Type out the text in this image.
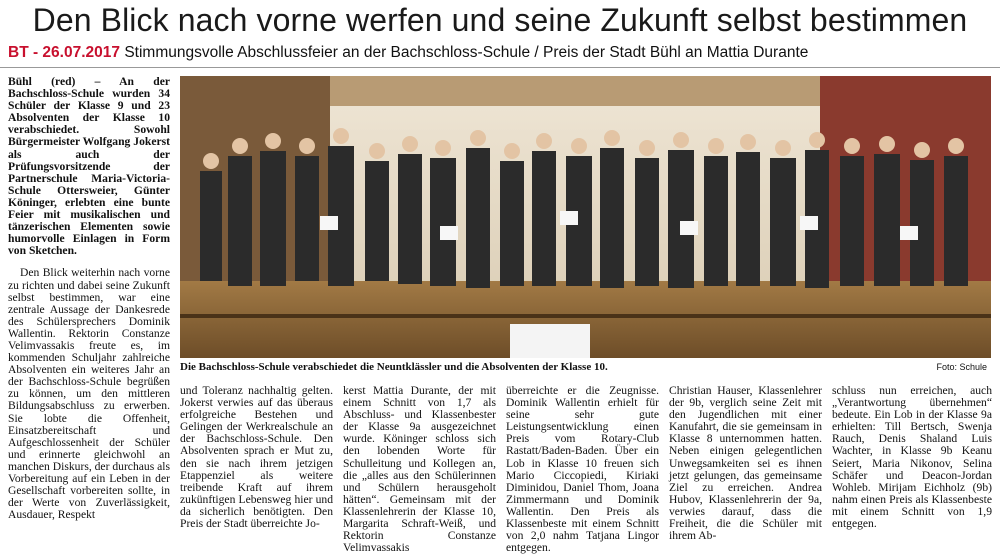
Den Blick nach vorne werfen und seine Zukunft selbst bestimmen
BT - 26.07.2017 Stimmungsvolle Abschlussfeier an der Bachschloss-Schule / Preis der Stadt Bühl an Mattia Durante

Bühl (red) – An der Bachschloss-Schule wurden 34 Schüler der Klasse 9 und 23 Absolventen der Klasse 10 verabschiedet. Sowohl Bürgermeister Wolfgang Jokerst als auch der Prüfungsvorsitzende der Partnerschule Maria-Victoria-Schule Ottersweier, Günter Köninger, erlebten eine bunte Feier mit musikalischen und tänzerischen Elementen sowie humorvolle Einlagen in Form von Sketchen.

Den Blick weiterhin nach vorne zu richten und dabei seine Zukunft selbst bestimmen, war eine zentrale Aussage der Dankesrede des Schülersprechers Dominik Wallentin. Rektorin Constanze Velimvassakis freute es, im kommenden Schuljahr zahlreiche Absolventen ein weiteres Jahr an der Bachschloss-Schule begrüßen zu können, um den mittleren Bildungsabschluss zu erwerben. Sie lobte die Offenheit, Einsatzbereitschaft und Aufgeschlossenheit der Schüler und erinnerte gleichwohl an manchen Diskurs, der durchaus als Vorbereitung auf ein Leben in der Gesellschaft vorbereiten sollte, in der Werte von Zuverlässigkeit, Ausdauer, Respekt

Die Bachschloss-Schule verabschiedet die Neuntklässler und die Absolventen der Klasse 10.	Foto: Schule

und Toleranz nachhaltig gelten. Jokerst verwies auf das überaus erfolgreiche Bestehen und Gelingen der Werkrealschule an der Bachschloss-Schule. Den Absolventen sprach er Mut zu, den sie nach ihrem jetzigen Etappenziel als weitere treibende Kraft auf ihrem zukünftigen Lebensweg hier und da sicherlich benötigten. Den Preis der Stadt überreichte Jo-

kerst Mattia Durante, der mit einem Schnitt von 1,7 als Abschluss- und Klassenbester der Klasse 9a ausgezeichnet wurde. Köninger schloss sich den lobenden Worte für Schulleitung und Kollegen an, die „alles aus den Schülerinnen und Schülern herausgeholt hätten“. Gemeinsam mit der Klassenlehrerin der Klasse 10, Margarita Schraft-Weiß, und Rektorin Constanze Velimvassakis

überreichte er die Zeugnisse. Dominik Wallentin erhielt für seine sehr gute Leistungsentwicklung einen Preis vom Rotary-Club Rastatt/Baden-Baden. Über ein Lob in Klasse 10 freuen sich Mario Ciccopiedi, Kiriaki Diminidou, Daniel Thom, Joana Zimmermann und Dominik Wallentin. Den Preis als Klassenbeste mit einem Schnitt von 2,0 nahm Tatjana Lingor entgegen.

Christian Hauser, Klassenlehrer der 9b, verglich seine Zeit mit den Jugendlichen mit einer Kanufahrt, die sie gemeinsam in Klasse 8 unternommen hatten. Neben einigen gelegentlichen Unwegsamkeiten sei es ihnen jetzt gelungen, das gemeinsame Ziel zu erreichen. Andrea Hubov, Klassenlehrerin der 9a, verwies darauf, dass die Freiheit, die die Schüler mit ihrem Ab-

schluss nun erreichen, auch „Verantwortung übernehmen“ bedeute. Ein Lob in der Klasse 9a erhielten: Till Bertsch, Swenja Rauch, Denis Shaland Luis Wachter, in Klasse 9b Keanu Seiert, Maria Nikonov, Selina Schäfer und Deacon-Jordan Wohleb. Mirijam Eichholz (9b) nahm einen Preis als Klassenbeste mit einem Schnitt von 1,9 entgegen.
